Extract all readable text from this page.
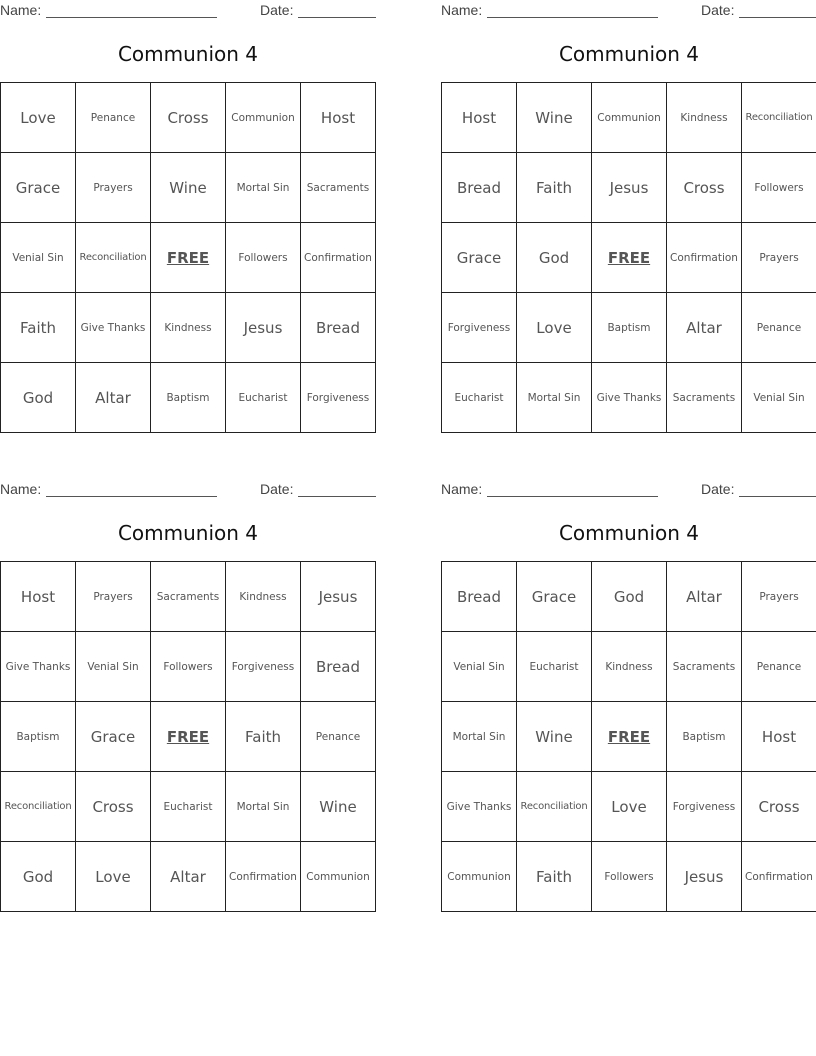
Name:	Date:
Communion 4
Love	Penance	Cross	Communion	Host
Grace	Prayers	Wine	Mortal Sin	Sacraments
Venial Sin	Reconciliation	FREE	Followers	Confirmation
Faith	Give Thanks	Kindness	Jesus	Bread
God	Altar	Baptism	Eucharist	Forgiveness
Name:	Date:
Communion 4
Host	Wine	Communion	Kindness	Reconciliation
Bread	Faith	Jesus	Cross	Followers
Grace	God	FREE	Confirmation	Prayers
Forgiveness	Love	Baptism	Altar	Penance
Eucharist	Mortal Sin	Give Thanks	Sacraments	Venial Sin
Name:	Date:
Communion 4
Host	Prayers	Sacraments	Kindness	Jesus
Give Thanks	Venial Sin	Followers	Forgiveness	Bread
Baptism	Grace	FREE	Faith	Penance
Reconciliation	Cross	Eucharist	Mortal Sin	Wine
God	Love	Altar	Confirmation	Communion
Name:	Date:
Communion 4
Bread	Grace	God	Altar	Prayers
Venial Sin	Eucharist	Kindness	Sacraments	Penance
Mortal Sin	Wine	FREE	Baptism	Host
Give Thanks	Reconciliation	Love	Forgiveness	Cross
Communion	Faith	Followers	Jesus	Confirmation
